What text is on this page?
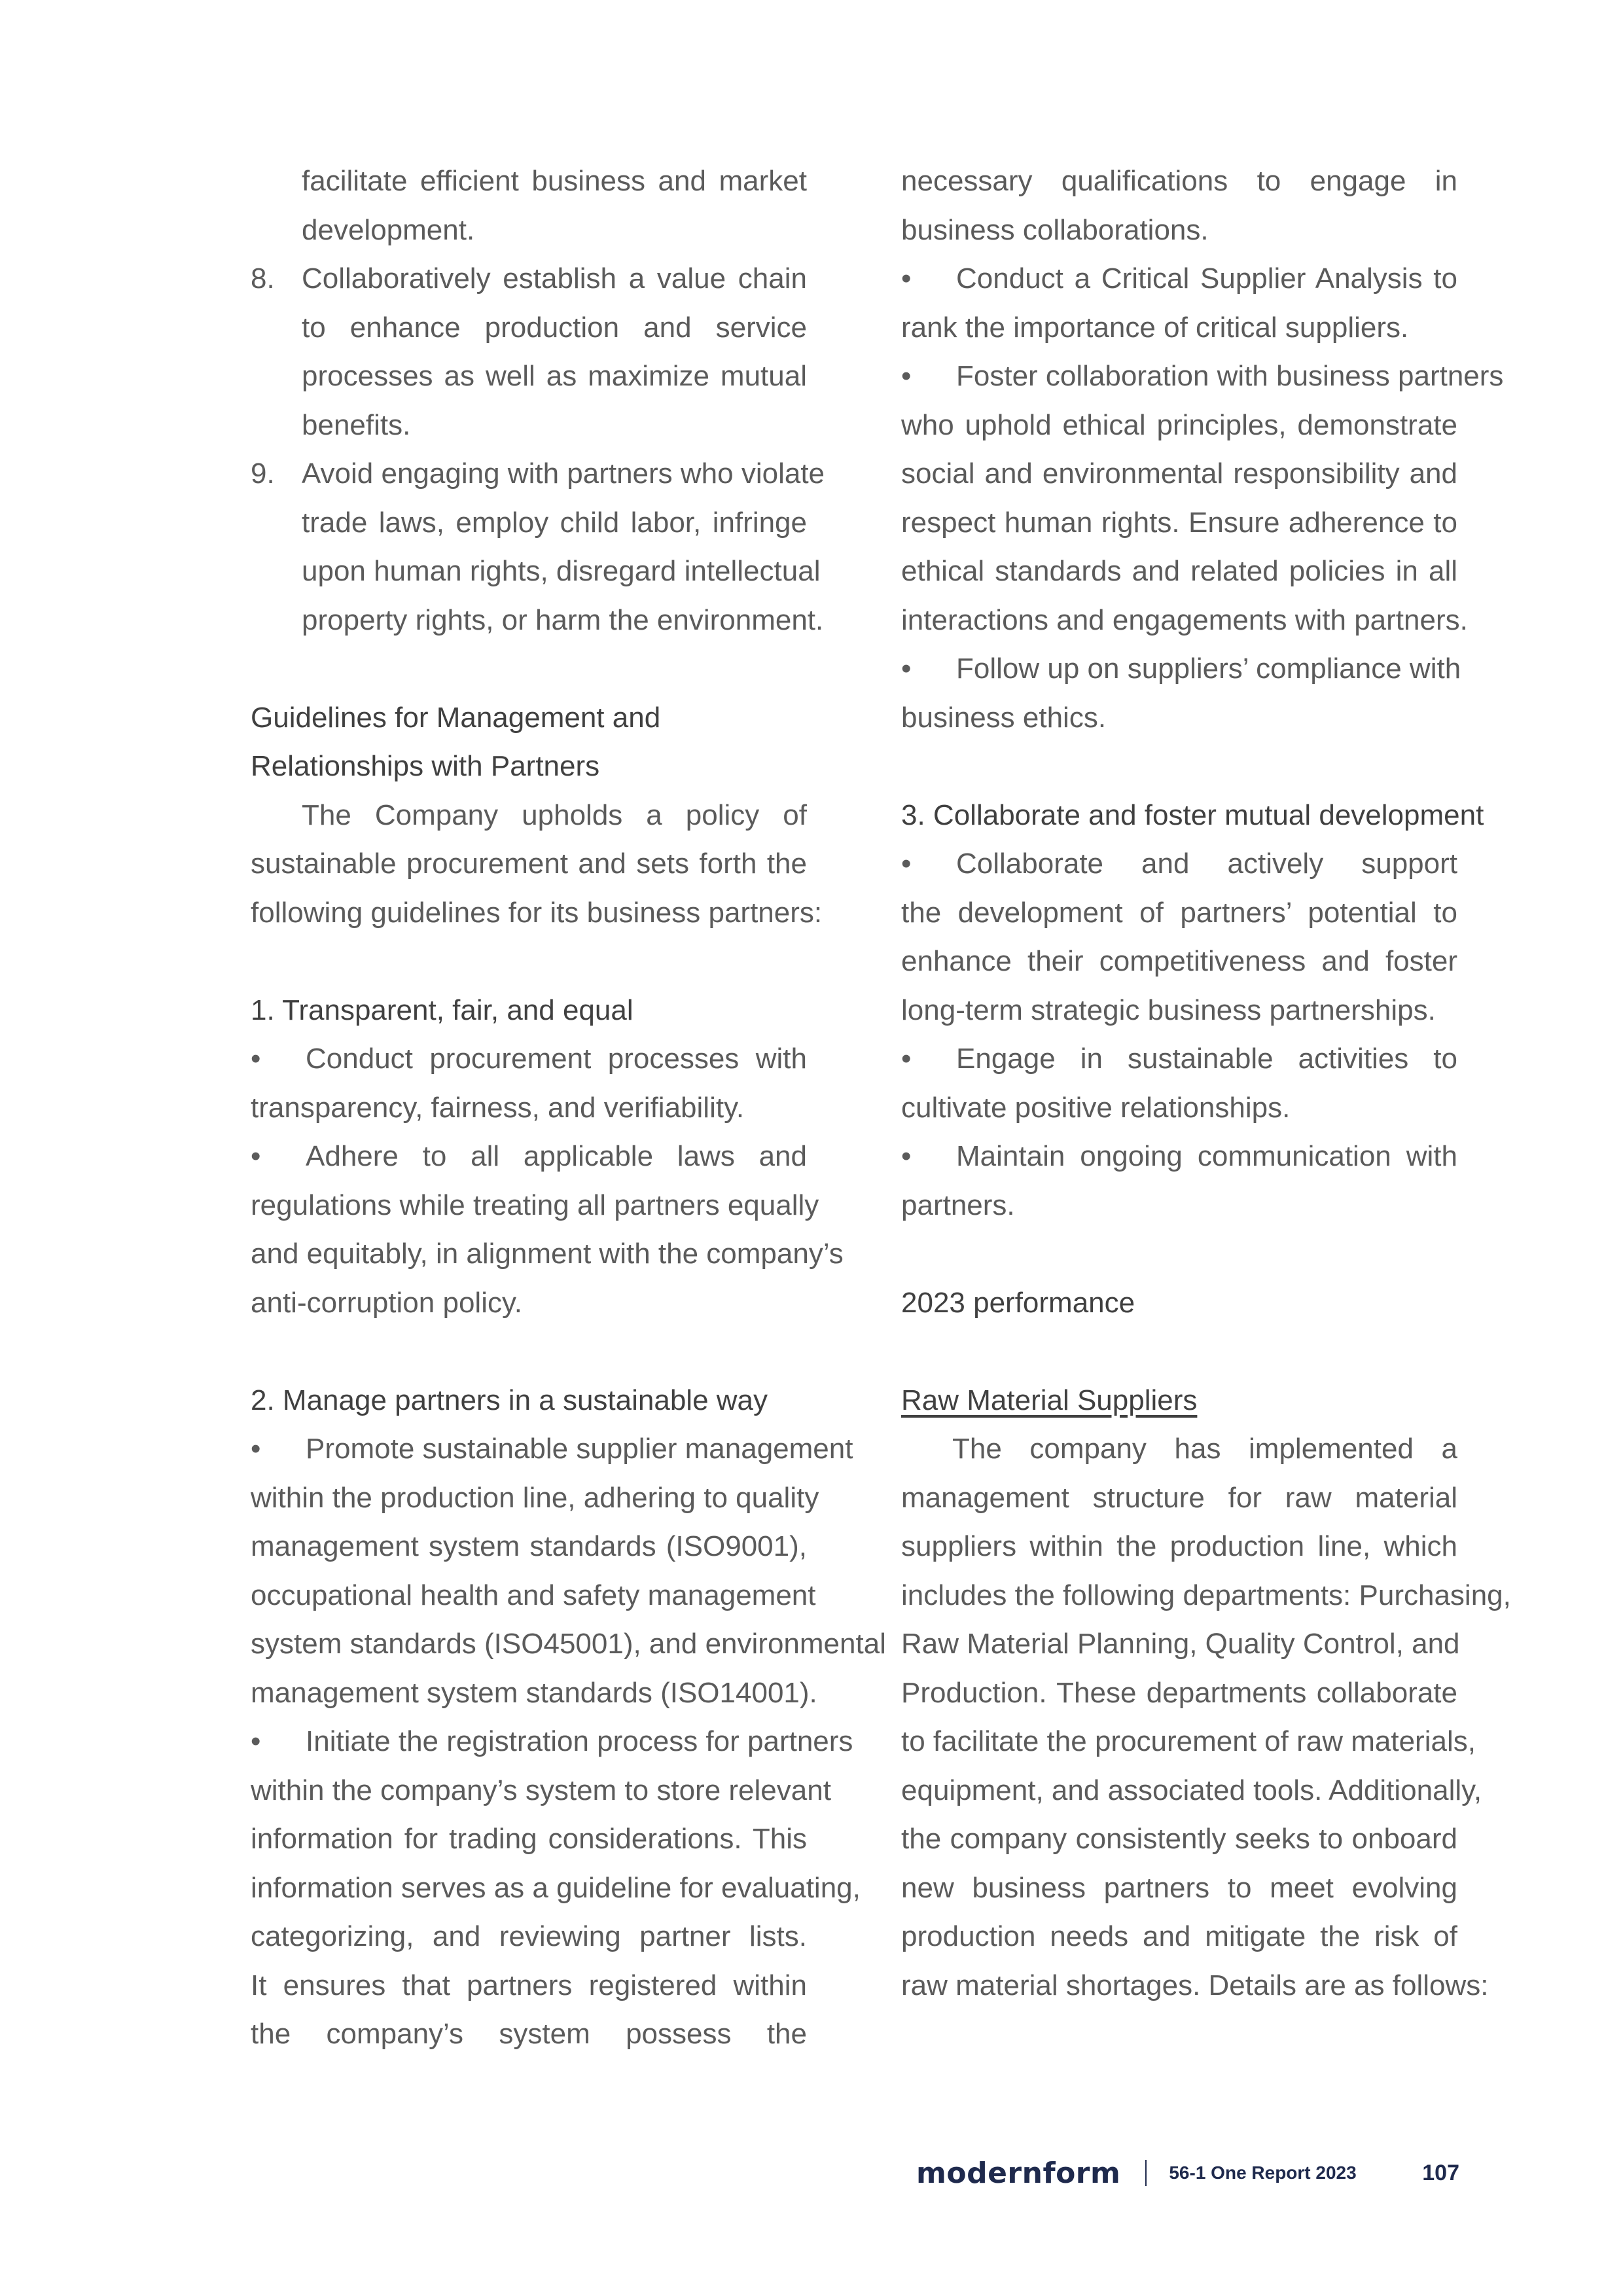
facilitate efficient business and market
development.
8. Collaboratively establish a value chain
to enhance production and service
processes as well as maximize mutual
benefits.
9. Avoid engaging with partners who violate
trade laws, employ child labor, infringe
upon human rights, disregard intellectual
property rights, or harm the environment.
Guidelines for Management and
Relationships with Partners
The Company upholds a policy of
sustainable procurement and sets forth the
following guidelines for its business partners:
1. Transparent, fair, and equal
• Conduct procurement processes with
transparency, fairness, and verifiability.
• Adhere to all applicable laws and
regulations while treating all partners equally
and equitably, in alignment with the company’s
anti-corruption policy.
2. Manage partners in a sustainable way
• Promote sustainable supplier management
within the production line, adhering to quality
management system standards (ISO9001),
occupational health and safety management
system standards (ISO45001), and environmental
management system standards (ISO14001).
• Initiate the registration process for partners
within the company’s system to store relevant
information for trading considerations. This
information serves as a guideline for evaluating,
categorizing, and reviewing partner lists.
It ensures that partners registered within
the company’s system possess the
necessary qualifications to engage in
business collaborations.
• Conduct a Critical Supplier Analysis to
rank the importance of critical suppliers.
• Foster collaboration with business partners
who uphold ethical principles, demonstrate
social and environmental responsibility and
respect human rights. Ensure adherence to
ethical standards and related policies in all
interactions and engagements with partners.
• Follow up on suppliers’ compliance with
business ethics.
3. Collaborate and foster mutual development
• Collaborate and actively support
the development of partners’ potential to
enhance their competitiveness and foster
long-term strategic business partnerships.
• Engage in sustainable activities to
cultivate positive relationships.
• Maintain ongoing communication with
partners.
2023 performance
Raw Material Suppliers
The company has implemented a
management structure for raw material
suppliers within the production line, which
includes the following departments: Purchasing,
Raw Material Planning, Quality Control, and
Production. These departments collaborate
to facilitate the procurement of raw materials,
equipment, and associated tools. Additionally,
the company consistently seeks to onboard
new business partners to meet evolving
production needs and mitigate the risk of
raw material shortages. Details are as follows:
modernform	56-1 One Report 2023	107
